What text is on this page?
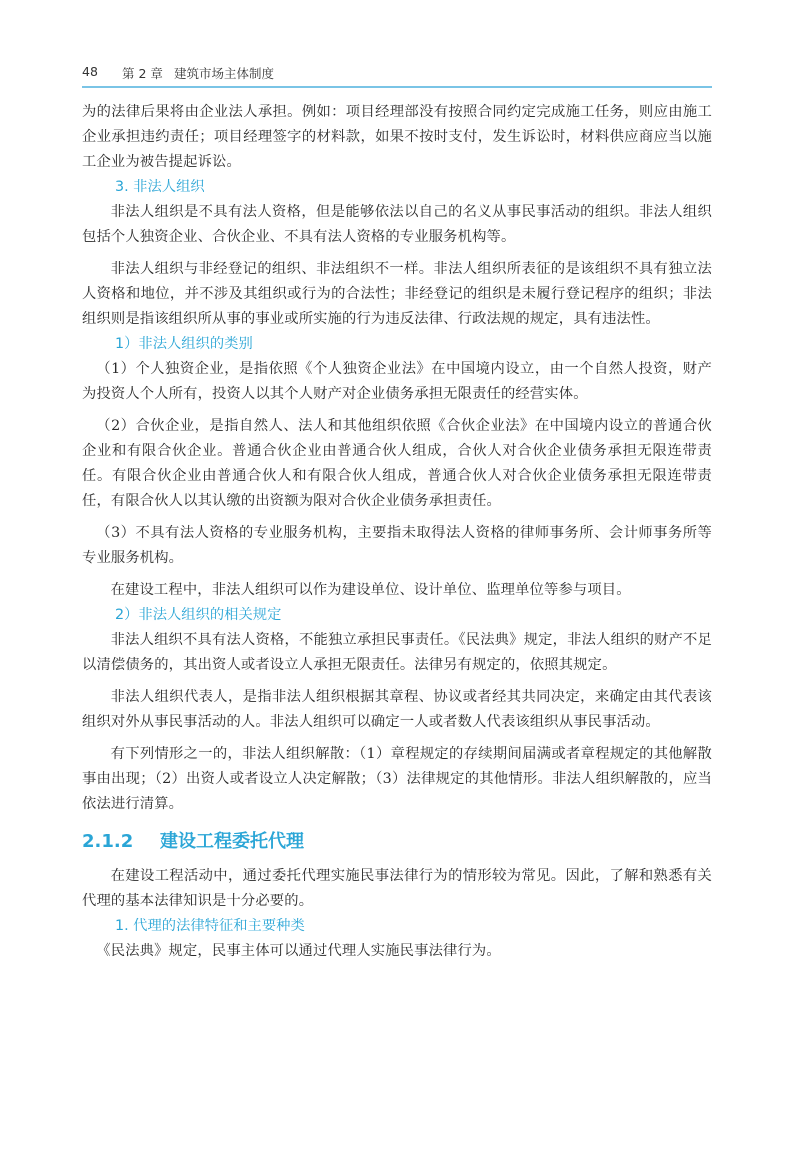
48 第 2 章 建筑市场主体制度

为的法律后果将由企业法人承担。例如：项目经理部没有按照合同约定完成施工任务，则应由施工企业承担违约责任；项目经理签字的材料款，如果不按时支付，发生诉讼时，材料供应商应当以施工企业为被告提起诉讼。

3. 非法人组织

非法人组织是不具有法人资格，但是能够依法以自己的名义从事民事活动的组织。非法人组织包括个人独资企业、合伙企业、不具有法人资格的专业服务机构等。

非法人组织与非经登记的组织、非法组织不一样。非法人组织所表征的是该组织不具有独立法人资格和地位，并不涉及其组织或行为的合法性；非经登记的组织是未履行登记程序的组织；非法组织则是指该组织所从事的事业或所实施的行为违反法律、行政法规的规定，具有违法性。

1）非法人组织的类别

（1）个人独资企业，是指依照《个人独资企业法》在中国境内设立，由一个自然人投资，财产为投资人个人所有，投资人以其个人财产对企业债务承担无限责任的经营实体。

（2）合伙企业，是指自然人、法人和其他组织依照《合伙企业法》在中国境内设立的普通合伙企业和有限合伙企业。普通合伙企业由普通合伙人组成，合伙人对合伙企业债务承担无限连带责任。有限合伙企业由普通合伙人和有限合伙人组成，普通合伙人对合伙企业债务承担无限连带责任，有限合伙人以其认缴的出资额为限对合伙企业债务承担责任。

（3）不具有法人资格的专业服务机构，主要指未取得法人资格的律师事务所、会计师事务所等专业服务机构。

在建设工程中，非法人组织可以作为建设单位、设计单位、监理单位等参与项目。

2）非法人组织的相关规定

非法人组织不具有法人资格，不能独立承担民事责任。《民法典》规定，非法人组织的财产不足以清偿债务的，其出资人或者设立人承担无限责任。法律另有规定的，依照其规定。

非法人组织代表人，是指非法人组织根据其章程、协议或者经其共同决定，来确定由其代表该组织对外从事民事活动的人。非法人组织可以确定一人或者数人代表该组织从事民事活动。

有下列情形之一的，非法人组织解散：（1）章程规定的存续期间届满或者章程规定的其他解散事由出现；（2）出资人或者设立人决定解散；（3）法律规定的其他情形。非法人组织解散的，应当依法进行清算。

2.1.2 建设工程委托代理

在建设工程活动中，通过委托代理实施民事法律行为的情形较为常见。因此，了解和熟悉有关代理的基本法律知识是十分必要的。

1. 代理的法律特征和主要种类

《民法典》规定，民事主体可以通过代理人实施民事法律行为。
